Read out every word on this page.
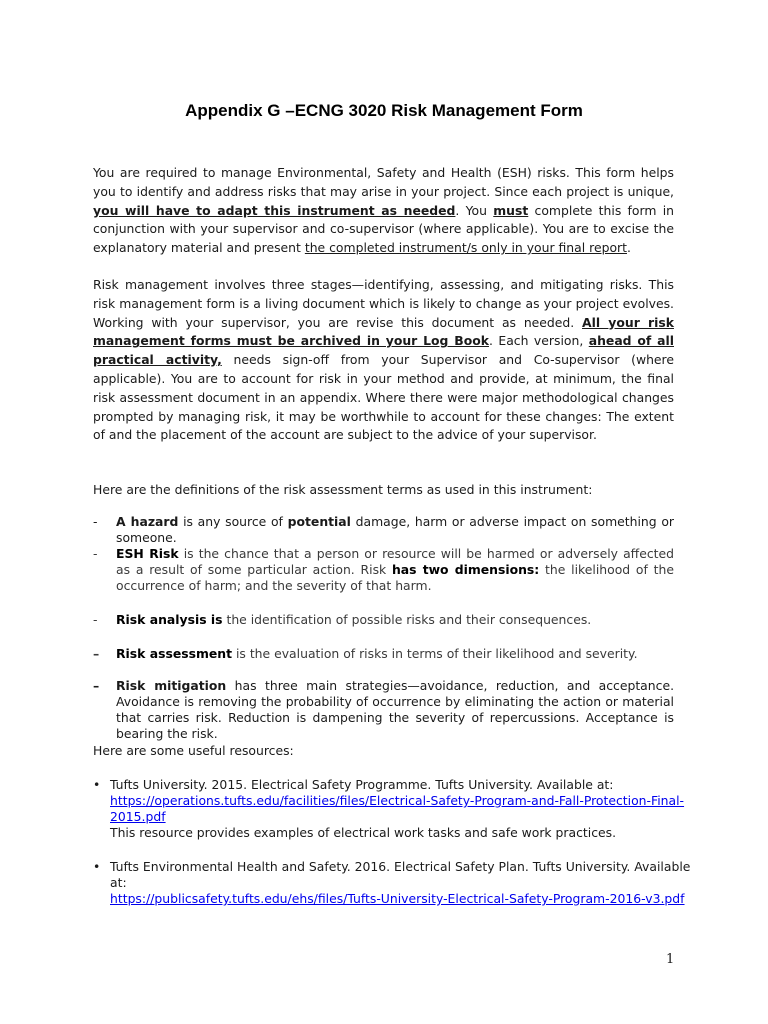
Appendix G –ECNG 3020 Risk Management Form

You are required to manage Environmental, Safety and Health (ESH) risks. This form helps you to identify and address risks that may arise in your project. Since each project is unique, you will have to adapt this instrument as needed. You must complete this form in conjunction with your supervisor and co-supervisor (where applicable). You are to excise the explanatory material and present the completed instrument/s only in your final report.

Risk management involves three stages—identifying, assessing, and mitigating risks. This risk management form is a living document which is likely to change as your project evolves. Working with your supervisor, you are revise this document as needed. All your risk management forms must be archived in your Log Book. Each version, ahead of all practical activity, needs sign-off from your Supervisor and Co-supervisor (where applicable). You are to account for risk in your method and provide, at minimum, the final risk assessment document in an appendix. Where there were major methodological changes prompted by managing risk, it may be worthwhile to account for these changes: The extent of and the placement of the account are subject to the advice of your supervisor.

Here are the definitions of the risk assessment terms as used in this instrument:

- A hazard is any source of potential damage, harm or adverse impact on something or someone.
- ESH Risk is the chance that a person or resource will be harmed or adversely affected as a result of some particular action. Risk has two dimensions: the likelihood of the occurrence of harm; and the severity of that harm.
- Risk analysis is the identification of possible risks and their consequences.
– Risk assessment is the evaluation of risks in terms of their likelihood and severity.
– Risk mitigation has three main strategies—avoidance, reduction, and acceptance. Avoidance is removing the probability of occurrence by eliminating the action or material that carries risk. Reduction is dampening the severity of repercussions. Acceptance is bearing the risk.

Here are some useful resources:

• Tufts University. 2015. Electrical Safety Programme. Tufts University. Available at:
https://operations.tufts.edu/facilities/files/Electrical-Safety-Program-and-Fall-Protection-Final-2015.pdf
This resource provides examples of electrical work tasks and safe work practices.
• Tufts Environmental Health and Safety. 2016. Electrical Safety Plan. Tufts University. Available at:
https://publicsafety.tufts.edu/ehs/files/Tufts-University-Electrical-Safety-Program-2016-v3.pdf
1
